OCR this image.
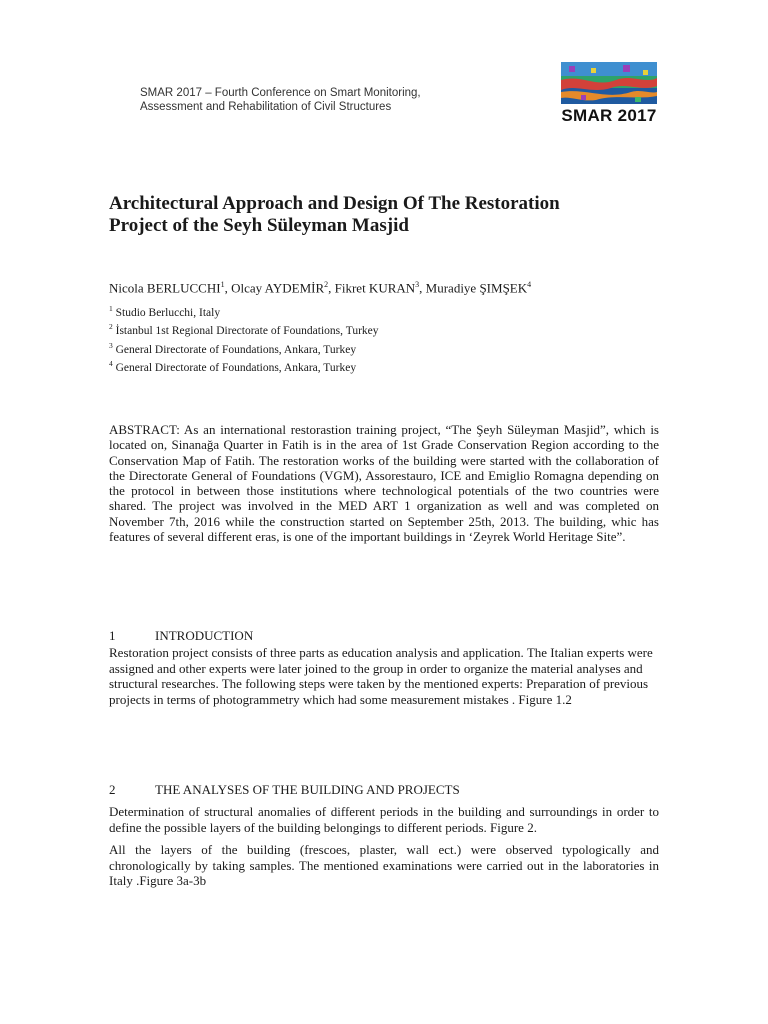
SMAR 2017 – Fourth Conference on Smart Monitoring,
Assessment and Rehabilitation of Civil Structures	SMAR 2017
Architectural Approach and Design Of The Restoration
Project of the Seyh Süleyman Masjid
Nicola BERLUCCHI$^1$, Olcay AYDEMİR$^2$, Fikret KURAN$^3$, Muradiye ŞIMŞEK$^4$
$^1$ Studio Berlucchi, Italy
$^2$ İstanbul 1st Regional Directorate of Foundations, Turkey
$^3$ General Directorate of Foundations, Ankara, Turkey
$^4$ General Directorate of Foundations, Ankara, Turkey
ABSTRACT: As an international restorastion training project, “The Şeyh Süleyman Masjid”, which is located on, Sinanağa Quarter in Fatih is in the area of 1st Grade Conservation Region according to the Conservation Map of Fatih. The restoration works of the building were started with the collaboration of the Directorate General of Foundations (VGM), Assorestauro, ICE and Emiglio Romagna depending on the protocol in between those institutions where technological potentials of the two countries were shared. The project was involved in the MED ART 1 organization as well and was completed on November 7th, 2016 while the construction started on September 25th, 2013. The building, whic has features of several different eras, is one of the important buildings in ‘Zeyrek World Heritage Site”.
1	INTRODUCTION
Restoration project consists of three parts as education analysis and application. The Italian experts were assigned and other experts were later joined to the group in order to organize the material analyses and structural researches. The following steps were taken by the mentioned experts: Preparation of previous projects in terms of photogrammetry which had some measurement mistakes . Figure 1.2
2	THE ANALYSES OF THE BUILDING AND PROJECTS
Determination of structural anomalies of different periods in the building and surroundings in order to define the possible layers of the building belongings to different periods. Figure 2.
All the layers of the building (frescoes, plaster, wall ect.) were observed typologically and chronologically by taking samples. The mentioned examinations were carried out in the laboratories in Italy .Figure 3a-3b
